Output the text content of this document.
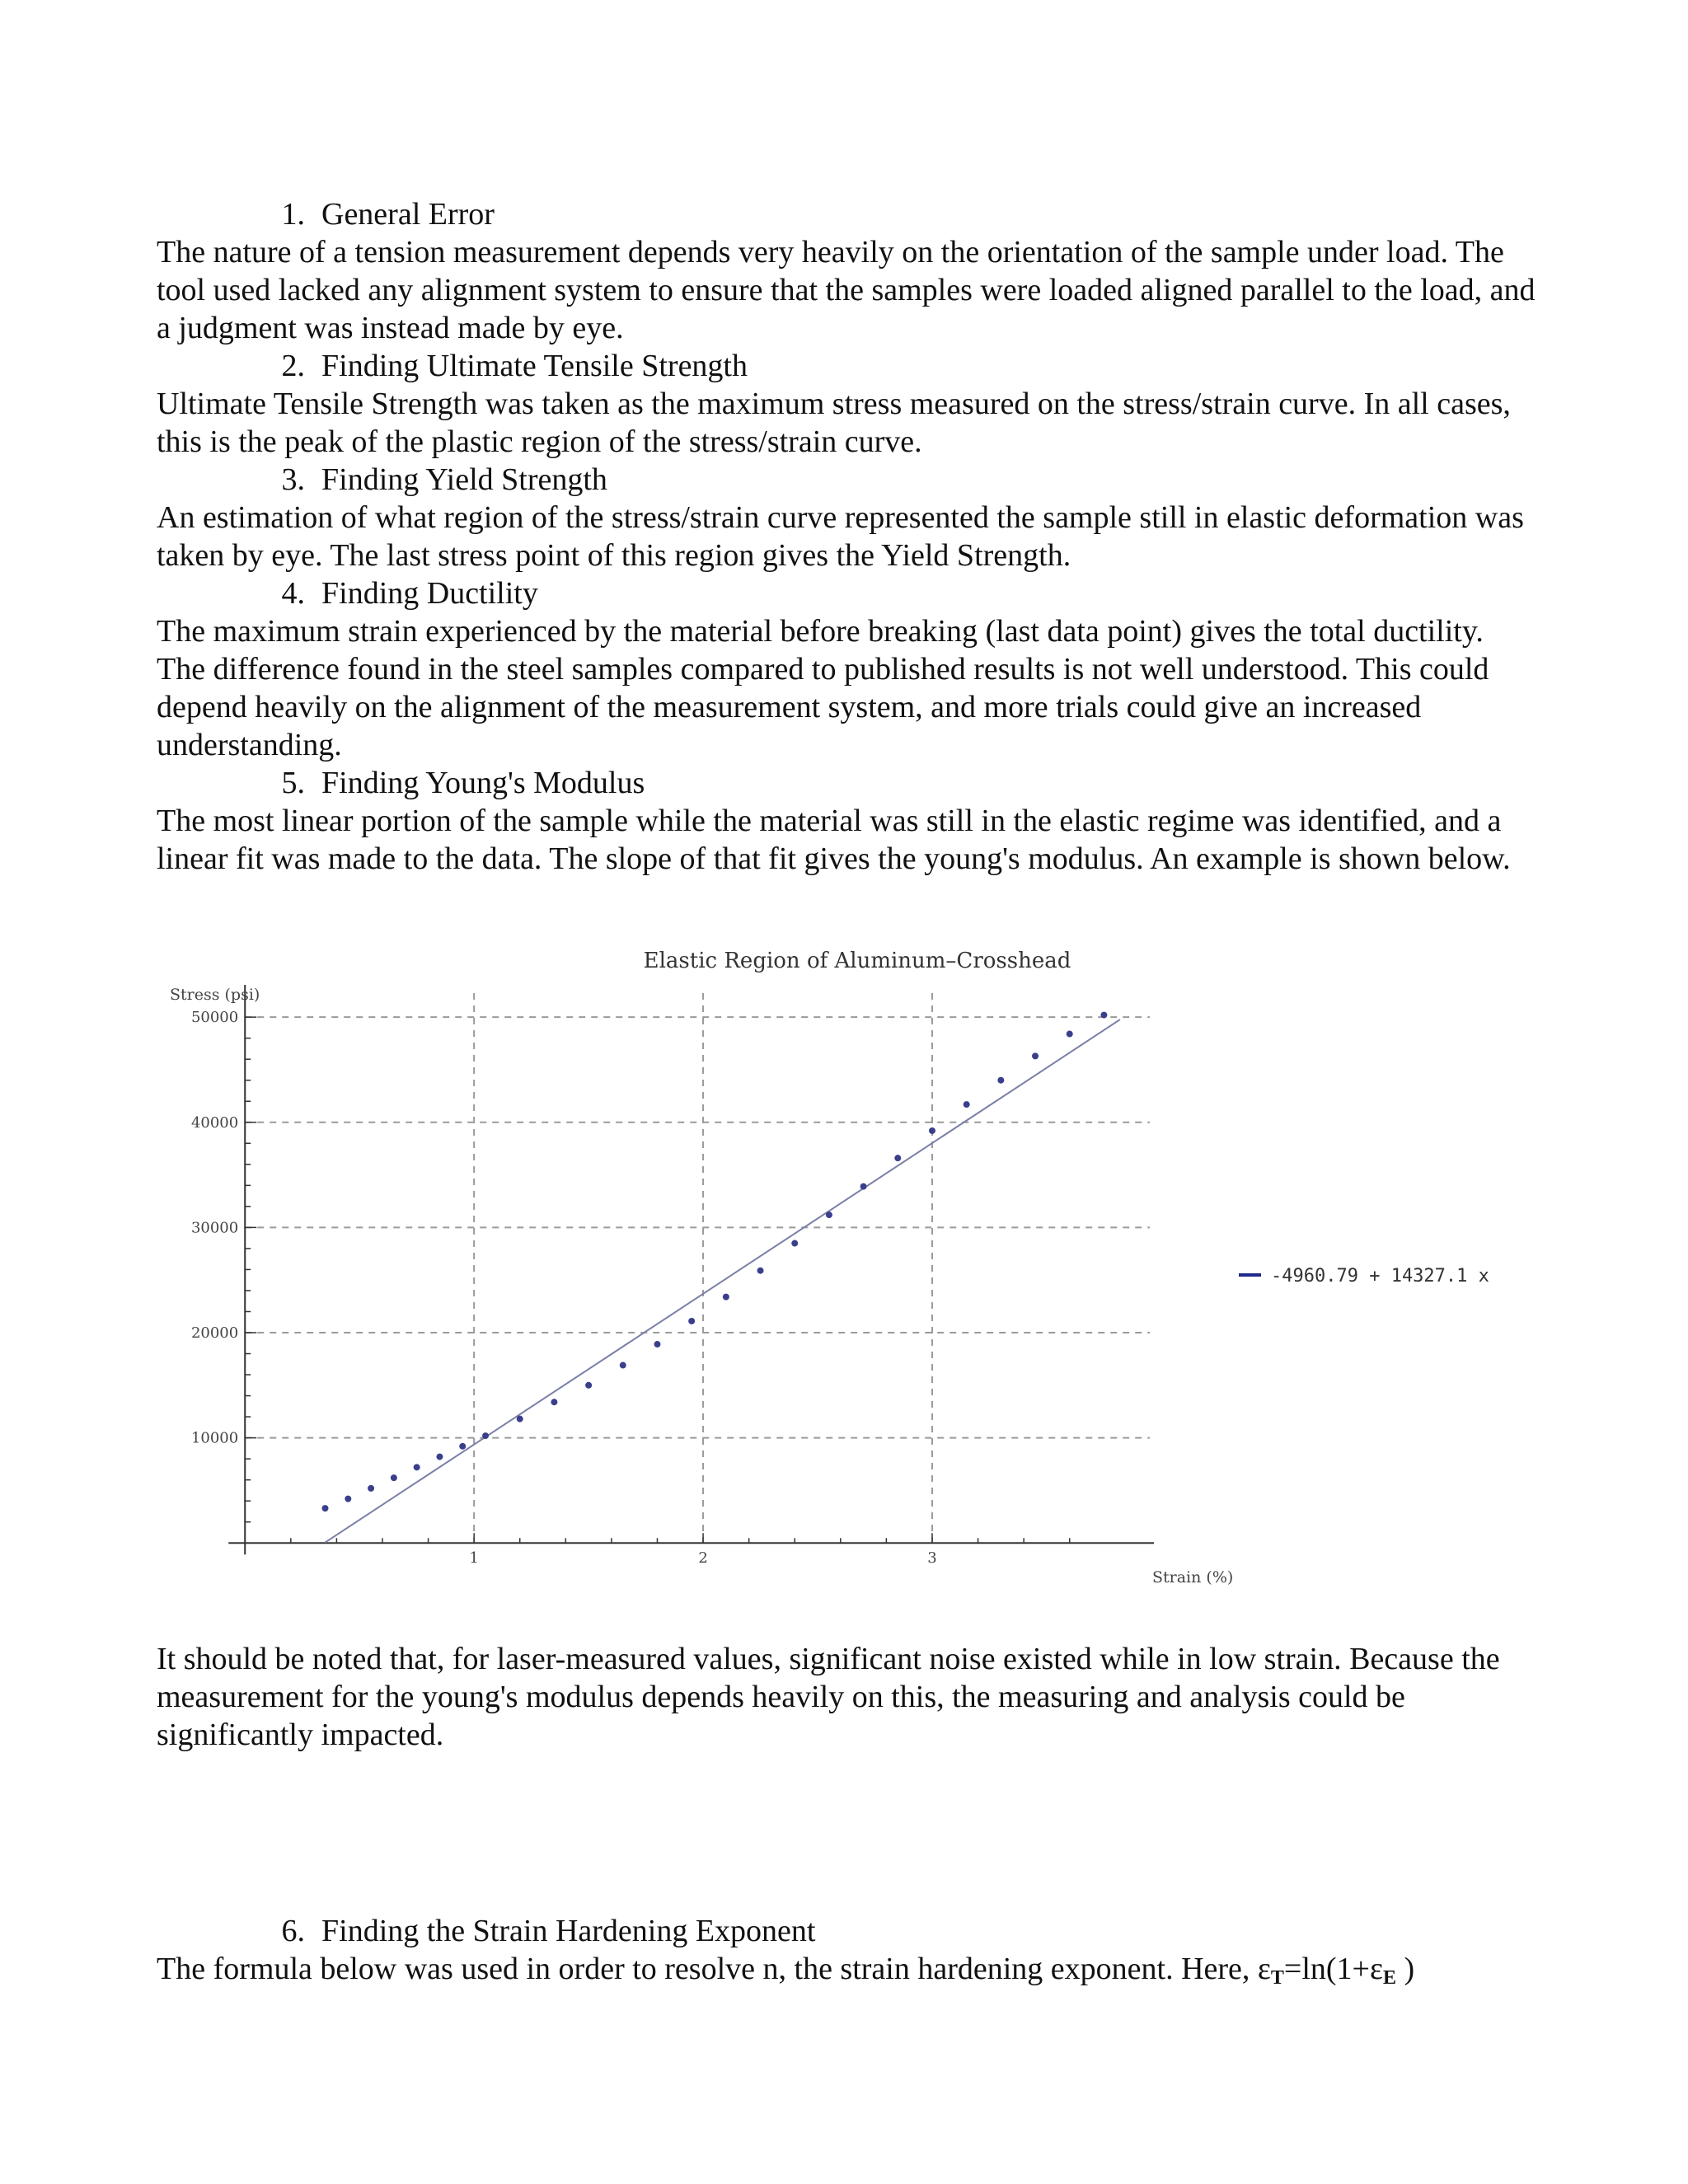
1. General Error

The nature of a tension measurement depends very heavily on the orientation of the sample under load. The tool used lacked any alignment system to ensure that the samples were loaded aligned parallel to the load, and a judgment was instead made by eye.

2. Finding Ultimate Tensile Strength

Ultimate Tensile Strength was taken as the maximum stress measured on the stress/strain curve. In all cases, this is the peak of the plastic region of the stress/strain curve.

3. Finding Yield Strength

An estimation of what region of the stress/strain curve represented the sample still in elastic deformation was taken by eye. The last stress point of this region gives the Yield Strength.

4. Finding Ductility

The maximum strain experienced by the material before breaking (last data point) gives the total ductility.

The difference found in the steel samples compared to published results is not well understood. This could depend heavily on the alignment of the measurement system, and more trials could give an increased understanding.

5. Finding Young's Modulus

The most linear portion of the sample while the material was still in the elastic regime was identified, and a linear fit was made to the data. The slope of that fit gives the young's modulus. An example is shown below.

Elastic Region of Aluminum–Crosshead
Stress (psi)
Strain (%)
10000
20000
30000
40000
50000
1	2	3
-4960.79 + 14327.1 x

It should be noted that, for laser-measured values, significant noise existed while in low strain. Because the measurement for the young's modulus depends heavily on this, the measuring and analysis could be significantly impacted.

6. Finding the Strain Hardening Exponent

The formula below was used in order to resolve n, the strain hardening exponent. Here, $\varepsilon_T=\ln(1+\varepsilon_E$ )
